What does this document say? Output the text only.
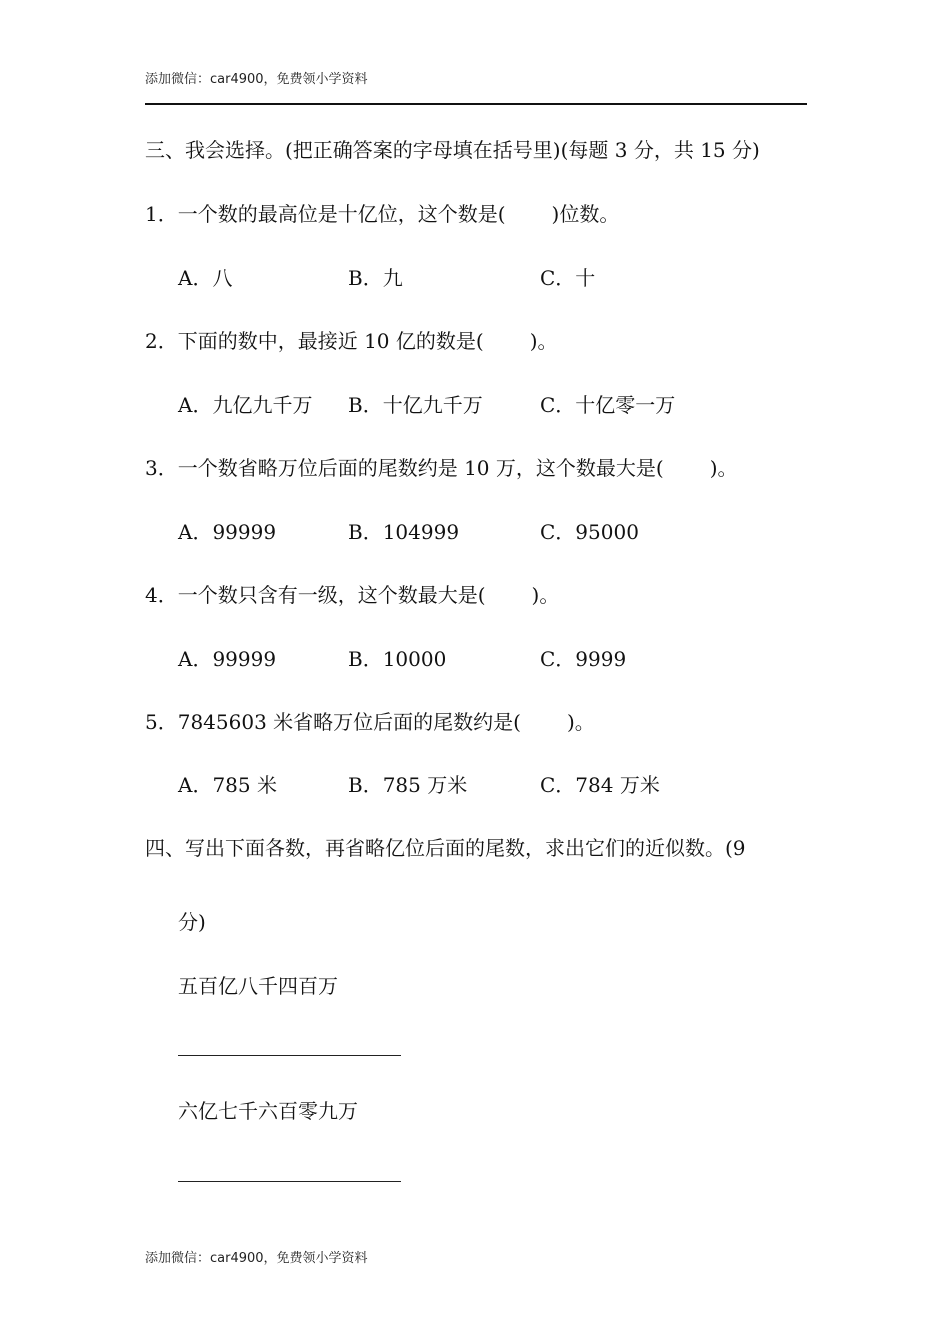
添加微信：car4900，免费领小学资料
三、我会选择。(把正确答案的字母填在括号里)(每题 3 分，共 15 分)
1．一个数的最高位是十亿位，这个数是( )位数。
A．八	B．九	C．十
2．下面的数中，最接近 10 亿的数是( )。
A．九亿九千万 B．十亿九千万	C．十亿零一万
3．一个数省略万位后面的尾数约是 10 万，这个数最大是( )。
A．99999	B．104999	C．95000
4．一个数只含有一级，这个数最大是( )。
A．99999	B．10000	C．9999
5．7845603 米省略万位后面的尾数约是( )。
A．785 米	B．785 万米	C．784 万米
四、写出下面各数，再省略亿位后面的尾数，求出它们的近似数。(9
分)
五百亿八千四百万
六亿七千六百零九万
添加微信：car4900，免费领小学资料
